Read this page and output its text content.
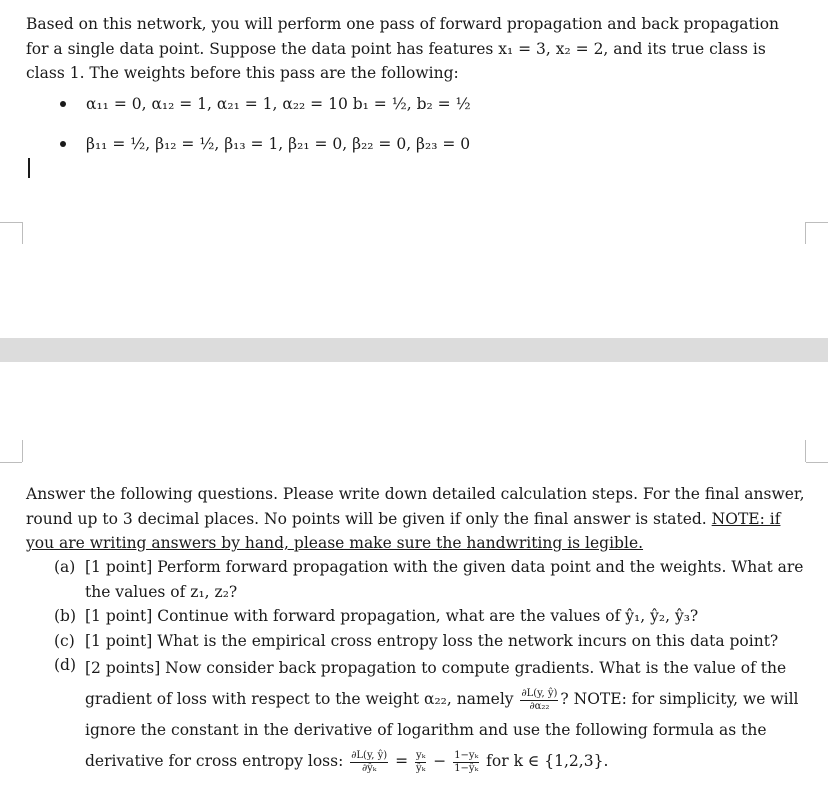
Based on this network, you will perform one pass of forward propagation and back propagation for a single data point. Suppose the data point has features x₁ = 3, x₂ = 2, and its true class is class 1. The weights before this pass are the following:
α₁₁ = 0, α₁₂ = 1, α₂₁ = 1, α₂₂ = 10 b₁ = ½, b₂ = ½
β₁₁ = ½, β₁₂ = ½, β₁₃ = 1, β₂₁ = 0, β₂₂ = 0, β₂₃ = 0
Answer the following questions. Please write down detailed calculation steps. For the final answer, round up to 3 decimal places. No points will be given if only the final answer is stated. NOTE: if you are writing answers by hand, please make sure the handwriting is legible.
(a) [1 point] Perform forward propagation with the given data point and the weights. What are the values of z₁, z₂?
(b) [1 point] Continue with forward propagation, what are the values of ŷ₁, ŷ₂, ŷ₃?
(c) [1 point] What is the empirical cross entropy loss the network incurs on this data point?
(d) [2 points] Now consider back propagation to compute gradients. What is the value of the gradient of loss with respect to the weight α₂₂, namely $\frac{\partial L(y, ŷ)}{\text{∂α₂₂}}$ ? NOTE: for simplicity, we will ignore the constant in the derivative of logarithm and use the following formula as the derivative for cross entropy loss: $\frac{\partial L(y, ŷ)}{\text{∂ŷₖ}} = \frac{\text{yₖ}}{\text{ŷₖ}} - \frac{\text{1−yₖ}}{\text{1−ŷₖ}}$ for k ∈ {1,2,3}.
